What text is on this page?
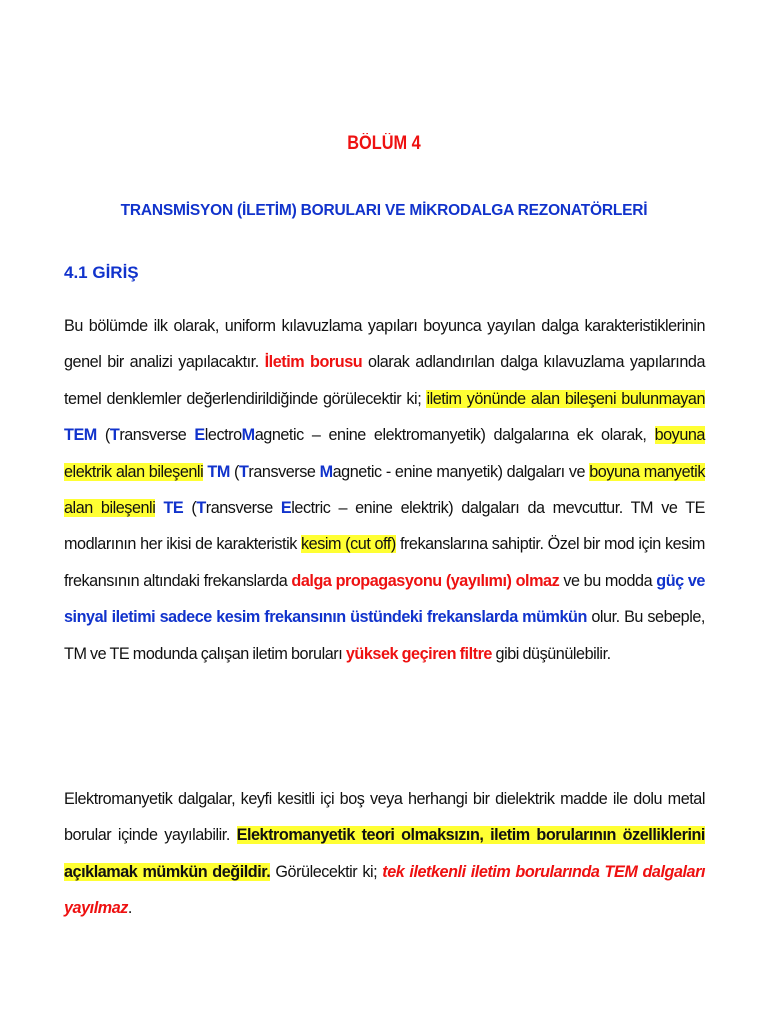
BÖLÜM 4
TRANSMİSYON (İLETİM) BORULARI VE MİKRODALGA REZONATÖRLERİ
4.1 GİRİŞ

Bu bölümde ilk olarak, uniform kılavuzlama yapıları boyunca yayılan dalga karakteristiklerinin genel bir analizi yapılacaktır. İletim borusu olarak adlandırılan dalga kılavuzlama yapılarında temel denklemler değerlendirildiğinde görülecektir ki; iletim yönünde alan bileşeni bulunmayan TEM (Transverse ElectroMagnetic – enine elektromanyetik) dalgalarına ek olarak, boyuna elektrik alan bileşenli TM (Transverse Magnetic - enine manyetik) dalgaları ve boyuna manyetik alan bileşenli TE (Transverse Electric – enine elektrik) dalgaları da mevcuttur. TM ve TE modlarının her ikisi de karakteristik kesim (cut off) frekanslarına sahiptir. Özel bir mod için kesim frekansının altındaki frekanslarda dalga propagasyonu (yayılımı) olmaz ve bu modda güç ve sinyal iletimi sadece kesim frekansının üstündeki frekanslarda mümkün olur. Bu sebeple, TM ve TE modunda çalışan iletim boruları yüksek geçiren filtre gibi düşünülebilir.

Elektromanyetik dalgalar, keyfi kesitli içi boş veya herhangi bir dielektrik madde ile dolu metal borular içinde yayılabilir. Elektromanyetik teori olmaksızın, iletim borularının özelliklerini açıklamak mümkün değildir. Görülecektir ki; tek iletkenli iletim borularında TEM dalgaları yayılmaz.
